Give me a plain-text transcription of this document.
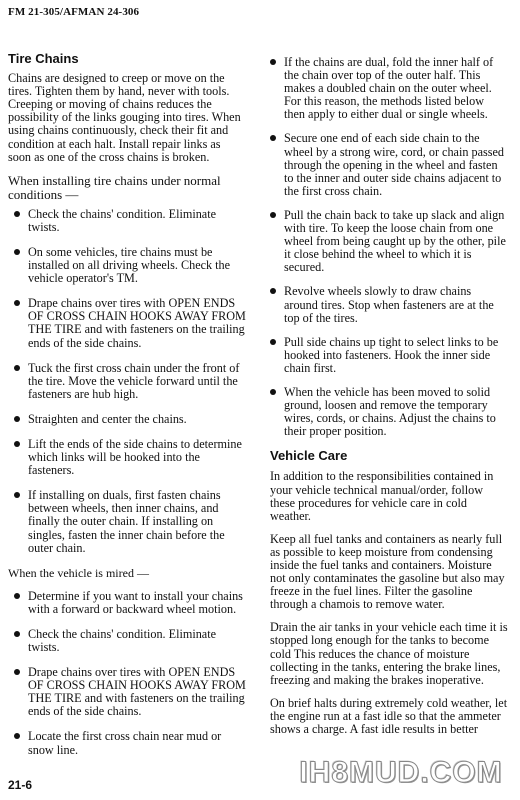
FM 21-305/AFMAN 24-306
Tire Chains

Chains are designed to creep or move on the tires. Tighten them by hand, never with tools. Creeping or moving of chains reduces the possibility of the links gouging into tires. When using chains continuously, check their fit and condition at each halt. Install repair links as soon as one of the cross chains is broken.

When installing tire chains under normal conditions —
Check the chains' condition. Eliminate twists.
On some vehicles, tire chains must be installed on all driving wheels. Check the vehicle operator's TM.
Drape chains over tires with OPEN ENDS OF CROSS CHAIN HOOKS AWAY FROM THE TIRE and with fasteners on the trailing ends of the side chains.
Tuck the first cross chain under the front of the tire. Move the vehicle forward until the fasteners are hub high.
Straighten and center the chains.
Lift the ends of the side chains to determine which links will be hooked into the fasteners.
If installing on duals, first fasten chains between wheels, then inner chains, and finally the outer chain. If installing on singles, fasten the inner chain before the outer chain.
When the vehicle is mired —
Determine if you want to install your chains with a forward or backward wheel motion.
Check the chains' condition. Eliminate twists.
Drape chains over tires with OPEN ENDS OF CROSS CHAIN HOOKS AWAY FROM THE TIRE and with fasteners on the trailing ends of the side chains.
Locate the first cross chain near mud or snow line.
If the chains are dual, fold the inner half of the chain over top of the outer half. This makes a doubled chain on the outer wheel. For this reason, the methods listed below then apply to either dual or single wheels.
Secure one end of each side chain to the wheel by a strong wire, cord, or chain passed through the opening in the wheel and fasten to the inner and outer side chains adjacent to the first cross chain.
Pull the chain back to take up slack and align with tire. To keep the loose chain from one wheel from being caught up by the other, pile it close behind the wheel to which it is secured.
Revolve wheels slowly to draw chains around tires. Stop when fasteners are at the top of the tires.
Pull side chains up tight to select links to be hooked into fasteners. Hook the inner side chain first.
When the vehicle has been moved to solid ground, loosen and remove the temporary wires, cords, or chains. Adjust the chains to their proper position.
Vehicle Care

In addition to the responsibilities contained in your vehicle technical manual/order, follow these procedures for vehicle care in cold weather.

Keep all fuel tanks and containers as nearly full as possible to keep moisture from condensing inside the fuel tanks and containers. Moisture not only contaminates the gasoline but also may freeze in the fuel lines. Filter the gasoline through a chamois to remove water.

Drain the air tanks in your vehicle each time it is stopped long enough for the tanks to become cold This reduces the chance of moisture collecting in the tanks, entering the brake lines, freezing and making the brakes inoperative.

On brief halts during extremely cold weather, let the engine run at a fast idle so that the ammeter shows a charge. A fast idle results in better

21-6	IH8MUD.COM
